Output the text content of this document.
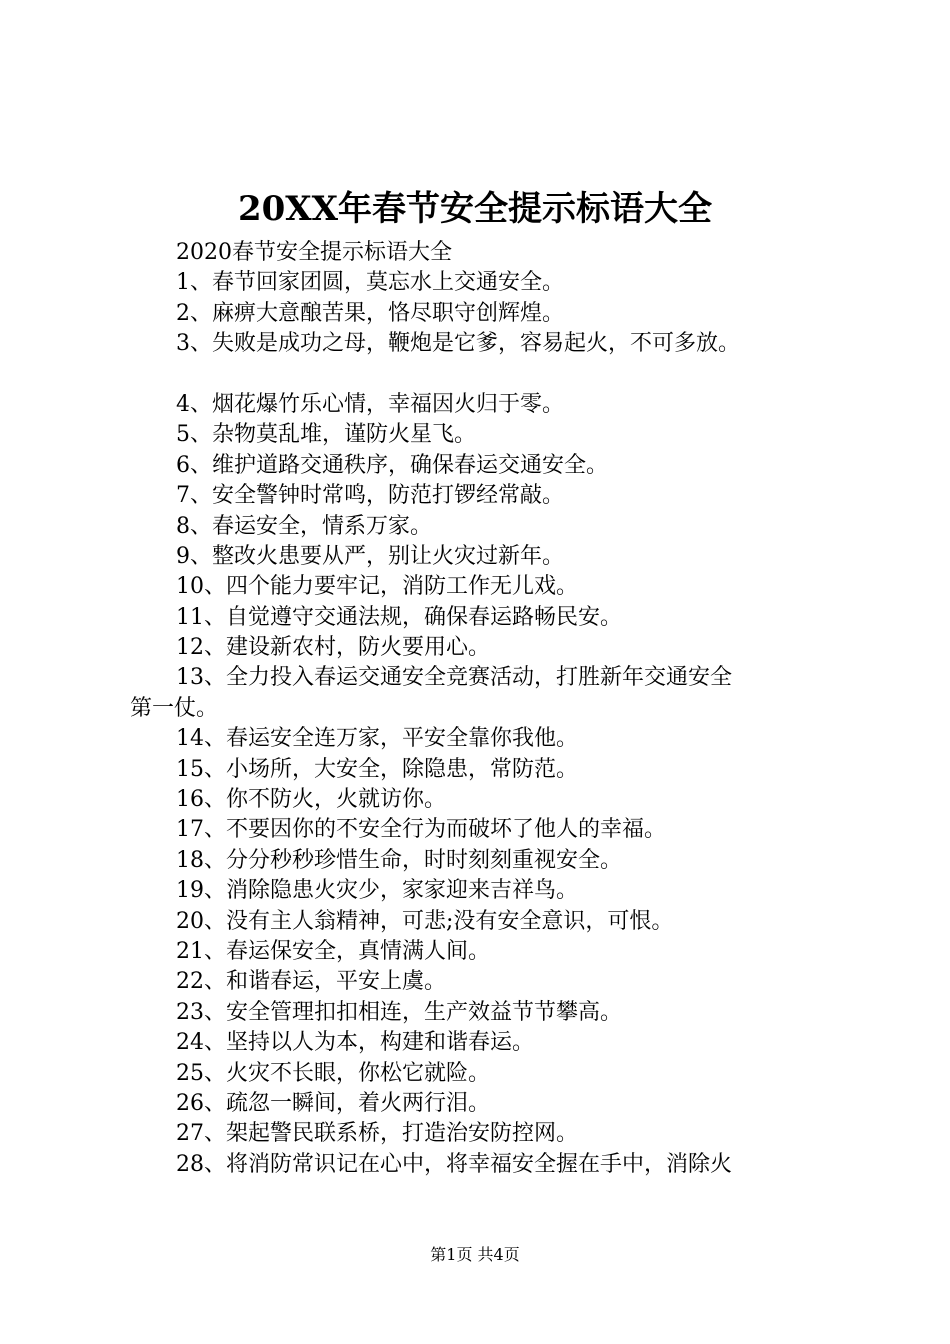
20XX年春节安全提示标语大全
2020春节安全提示标语大全
1、春节回家团圆，莫忘水上交通安全。
2、麻痹大意酿苦果，恪尽职守创辉煌。
3、失败是成功之母，鞭炮是它爹，容易起火，不可多放。
4、烟花爆竹乐心情，幸福因火归于零。
5、杂物莫乱堆，谨防火星飞。
6、维护道路交通秩序，确保春运交通安全。
7、安全警钟时常鸣，防范打锣经常敲。
8、春运安全，情系万家。
9、整改火患要从严，别让火灾过新年。
10、四个能力要牢记，消防工作无儿戏。
11、自觉遵守交通法规，确保春运路畅民安。
12、建设新农村，防火要用心。
13、全力投入春运交通安全竞赛活动，打胜新年交通安全
第一仗。
14、春运安全连万家，平安全靠你我他。
15、小场所，大安全，除隐患，常防范。
16、你不防火，火就访你。
17、不要因你的不安全行为而破坏了他人的幸福。
18、分分秒秒珍惜生命，时时刻刻重视安全。
19、消除隐患火灾少，家家迎来吉祥鸟。
20、没有主人翁精神，可悲;没有安全意识，可恨。
21、春运保安全，真情满人间。
22、和谐春运，平安上虞。
23、安全管理扣扣相连，生产效益节节攀高。
24、坚持以人为本，构建和谐春运。
25、火灾不长眼，你松它就险。
26、疏忽一瞬间，着火两行泪。
27、架起警民联系桥，打造治安防控网。
28、将消防常识记在心中，将幸福安全握在手中，消除火
第1页 共4页
